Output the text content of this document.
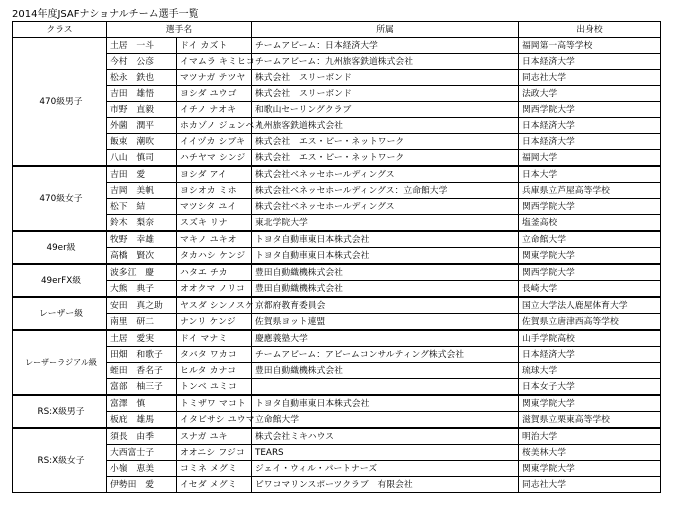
2014年度JSAFナショナルチーム選手一覧
クラス	選手名		所属	出身校
470級男子	土居　一斗	ドイ カズト	チームアビーム：日本経済大学	福岡第一高等学校
	今村　公彦	イマムラ キミヒコ	チームアビーム：九州旅客鉄道株式会社	日本経済大学
	松永　鉄也	マツナガ テツヤ	株式会社　スリーボンド	同志社大学
	吉田　雄悟	ヨシダ ユウゴ	株式会社　スリーボンド	法政大学
	市野　直毅	イチノ ナオキ	和歌山セーリングクラブ	関西学院大学
	外薗　潤平	ホカゾノ ジュンペイ	九州旅客鉄道株式会社	日本経済大学
	飯束　潮吹	イイヅカ シブキ	株式会社　エス・ピー・ネットワーク	日本経済大学
	八山　慎司	ハチヤマ シンジ	株式会社　エス・ピー・ネットワーク	福岡大学
470級女子	吉田　愛	ヨシダ アイ	株式会社ベネッセホールディングス	日本大学
	吉岡　美帆	ヨシオカ ミホ	株式会社ベネッセホールディングス：立命館大学	兵庫県立芦屋高等学校
	松下　結	マツシタ ユイ	株式会社ベネッセホールディングス	関西学院大学
	鈴木　梨奈	スズキ リナ	東北学院大学	塩釜高校
49er級	牧野　幸雄	マキノ ユキオ	トヨタ自動車東日本株式会社	立命館大学
	高橋　賢次	タカハシ ケンジ	トヨタ自動車東日本株式会社	関東学院大学
49erFX級	波多江　慶	ハタエ チカ	豊田自動織機株式会社	関西学院大学
	大熊　典子	オオクマ ノリコ	豊田自動織機株式会社	長崎大学
レーザー級	安田　真之助	ヤスダ シンノスケ	京都府教育委員会	国立大学法人鹿屋体育大学
	南里　研二	ナンリ ケンジ	佐賀県ヨット連盟	佐賀県立唐津西高等学校
レーザーラジアル級	土居　愛実	ドイ マナミ	慶應義塾大学	山手学院高校
	田畑　和歌子	タバタ ワカコ	チームアビーム：アビームコンサルティング株式会社	日本経済大学
	蛭田　香名子	ヒルタ カナコ	豊田自動織機株式会社	琉球大学
	富部　柚三子	トンベ ユミコ		日本女子大学
RS:X級男子	富澤　慎	トミザワ マコト	トヨタ自動車東日本株式会社	関東学院大学
	板庇　雄馬	イタビサシ ユウマ	立命館大学	滋賀県立栗東高等学校
RS:X級女子	須長　由季	スナガ ユキ	株式会社ミキハウス	明治大学
	大西富士子	オオニシ フジコ	TEARS	桜美林大学
	小嶺　恵美	コミネ メグミ	ジェイ・ウィル・パートナーズ	関東学院大学
	伊勢田　愛	イセダ メグミ	ビワコマリンスポーツクラブ　有限会社	同志社大学
